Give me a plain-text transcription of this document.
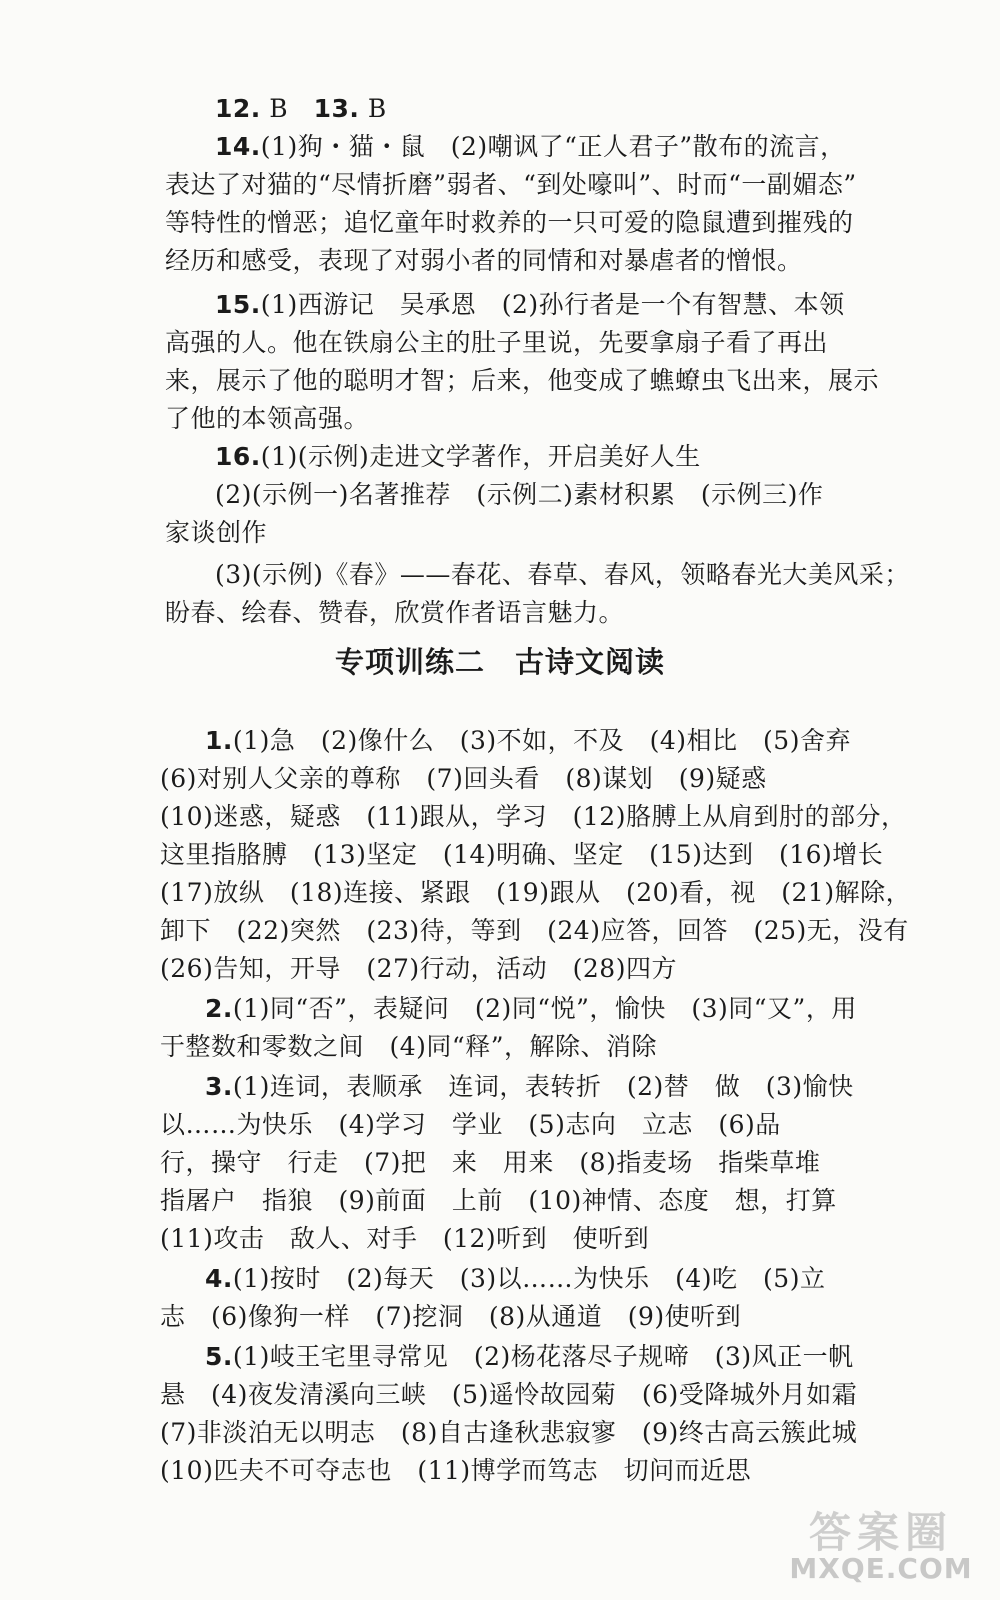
12. B　13. B
14.(1)狗・猫・鼠　(2)嘲讽了“正人君子”散布的流言，
表达了对猫的“尽情折磨”弱者、“到处嚎叫”、时而“一副媚态”
等特性的憎恶；追忆童年时救养的一只可爱的隐鼠遭到摧残的
经历和感受，表现了对弱小者的同情和对暴虐者的憎恨。
15.(1)西游记　吴承恩　(2)孙行者是一个有智慧、本领
高强的人。他在铁扇公主的肚子里说，先要拿扇子看了再出
来，展示了他的聪明才智；后来，他变成了蟭蟟虫飞出来，展示
了他的本领高强。
16.(1)(示例)走进文学著作，开启美好人生
(2)(示例一)名著推荐　(示例二)素材积累　(示例三)作
家谈创作
(3)(示例)《春》——春花、春草、春风，领略春光大美风采；
盼春、绘春、赞春，欣赏作者语言魅力。
专项训练二　古诗文阅读
1.(1)急　(2)像什么　(3)不如，不及　(4)相比　(5)舍弃
(6)对别人父亲的尊称　(7)回头看　(8)谋划　(9)疑惑
(10)迷惑，疑惑　(11)跟从，学习　(12)胳膊上从肩到肘的部分，
这里指胳膊　(13)坚定　(14)明确、坚定　(15)达到　(16)增长
(17)放纵　(18)连接、紧跟　(19)跟从　(20)看，视　(21)解除，
卸下　(22)突然　(23)待，等到　(24)应答，回答　(25)无，没有
(26)告知，开导　(27)行动，活动　(28)四方
2.(1)同“否”，表疑问　(2)同“悦”，愉快　(3)同“又”，用
于整数和零数之间　(4)同“释”，解除、消除
3.(1)连词，表顺承　连词，表转折　(2)替　做　(3)愉快
以……为快乐　(4)学习　学业　(5)志向　立志　(6)品
行，操守　行走　(7)把　来　用来　(8)指麦场　指柴草堆
指屠户　指狼　(9)前面　上前　(10)神情、态度　想，打算
(11)攻击　敌人、对手　(12)听到　使听到
4.(1)按时　(2)每天　(3)以……为快乐　(4)吃　(5)立
志　(6)像狗一样　(7)挖洞　(8)从通道　(9)使听到
5.(1)岐王宅里寻常见　(2)杨花落尽子规啼　(3)风正一帆
悬　(4)夜发清溪向三峡　(5)遥怜故园菊　(6)受降城外月如霜
(7)非淡泊无以明志　(8)自古逢秋悲寂寥　(9)终古高云簇此城
(10)匹夫不可夺志也　(11)博学而笃志　切问而近思
答案圈
MXQE.COM
